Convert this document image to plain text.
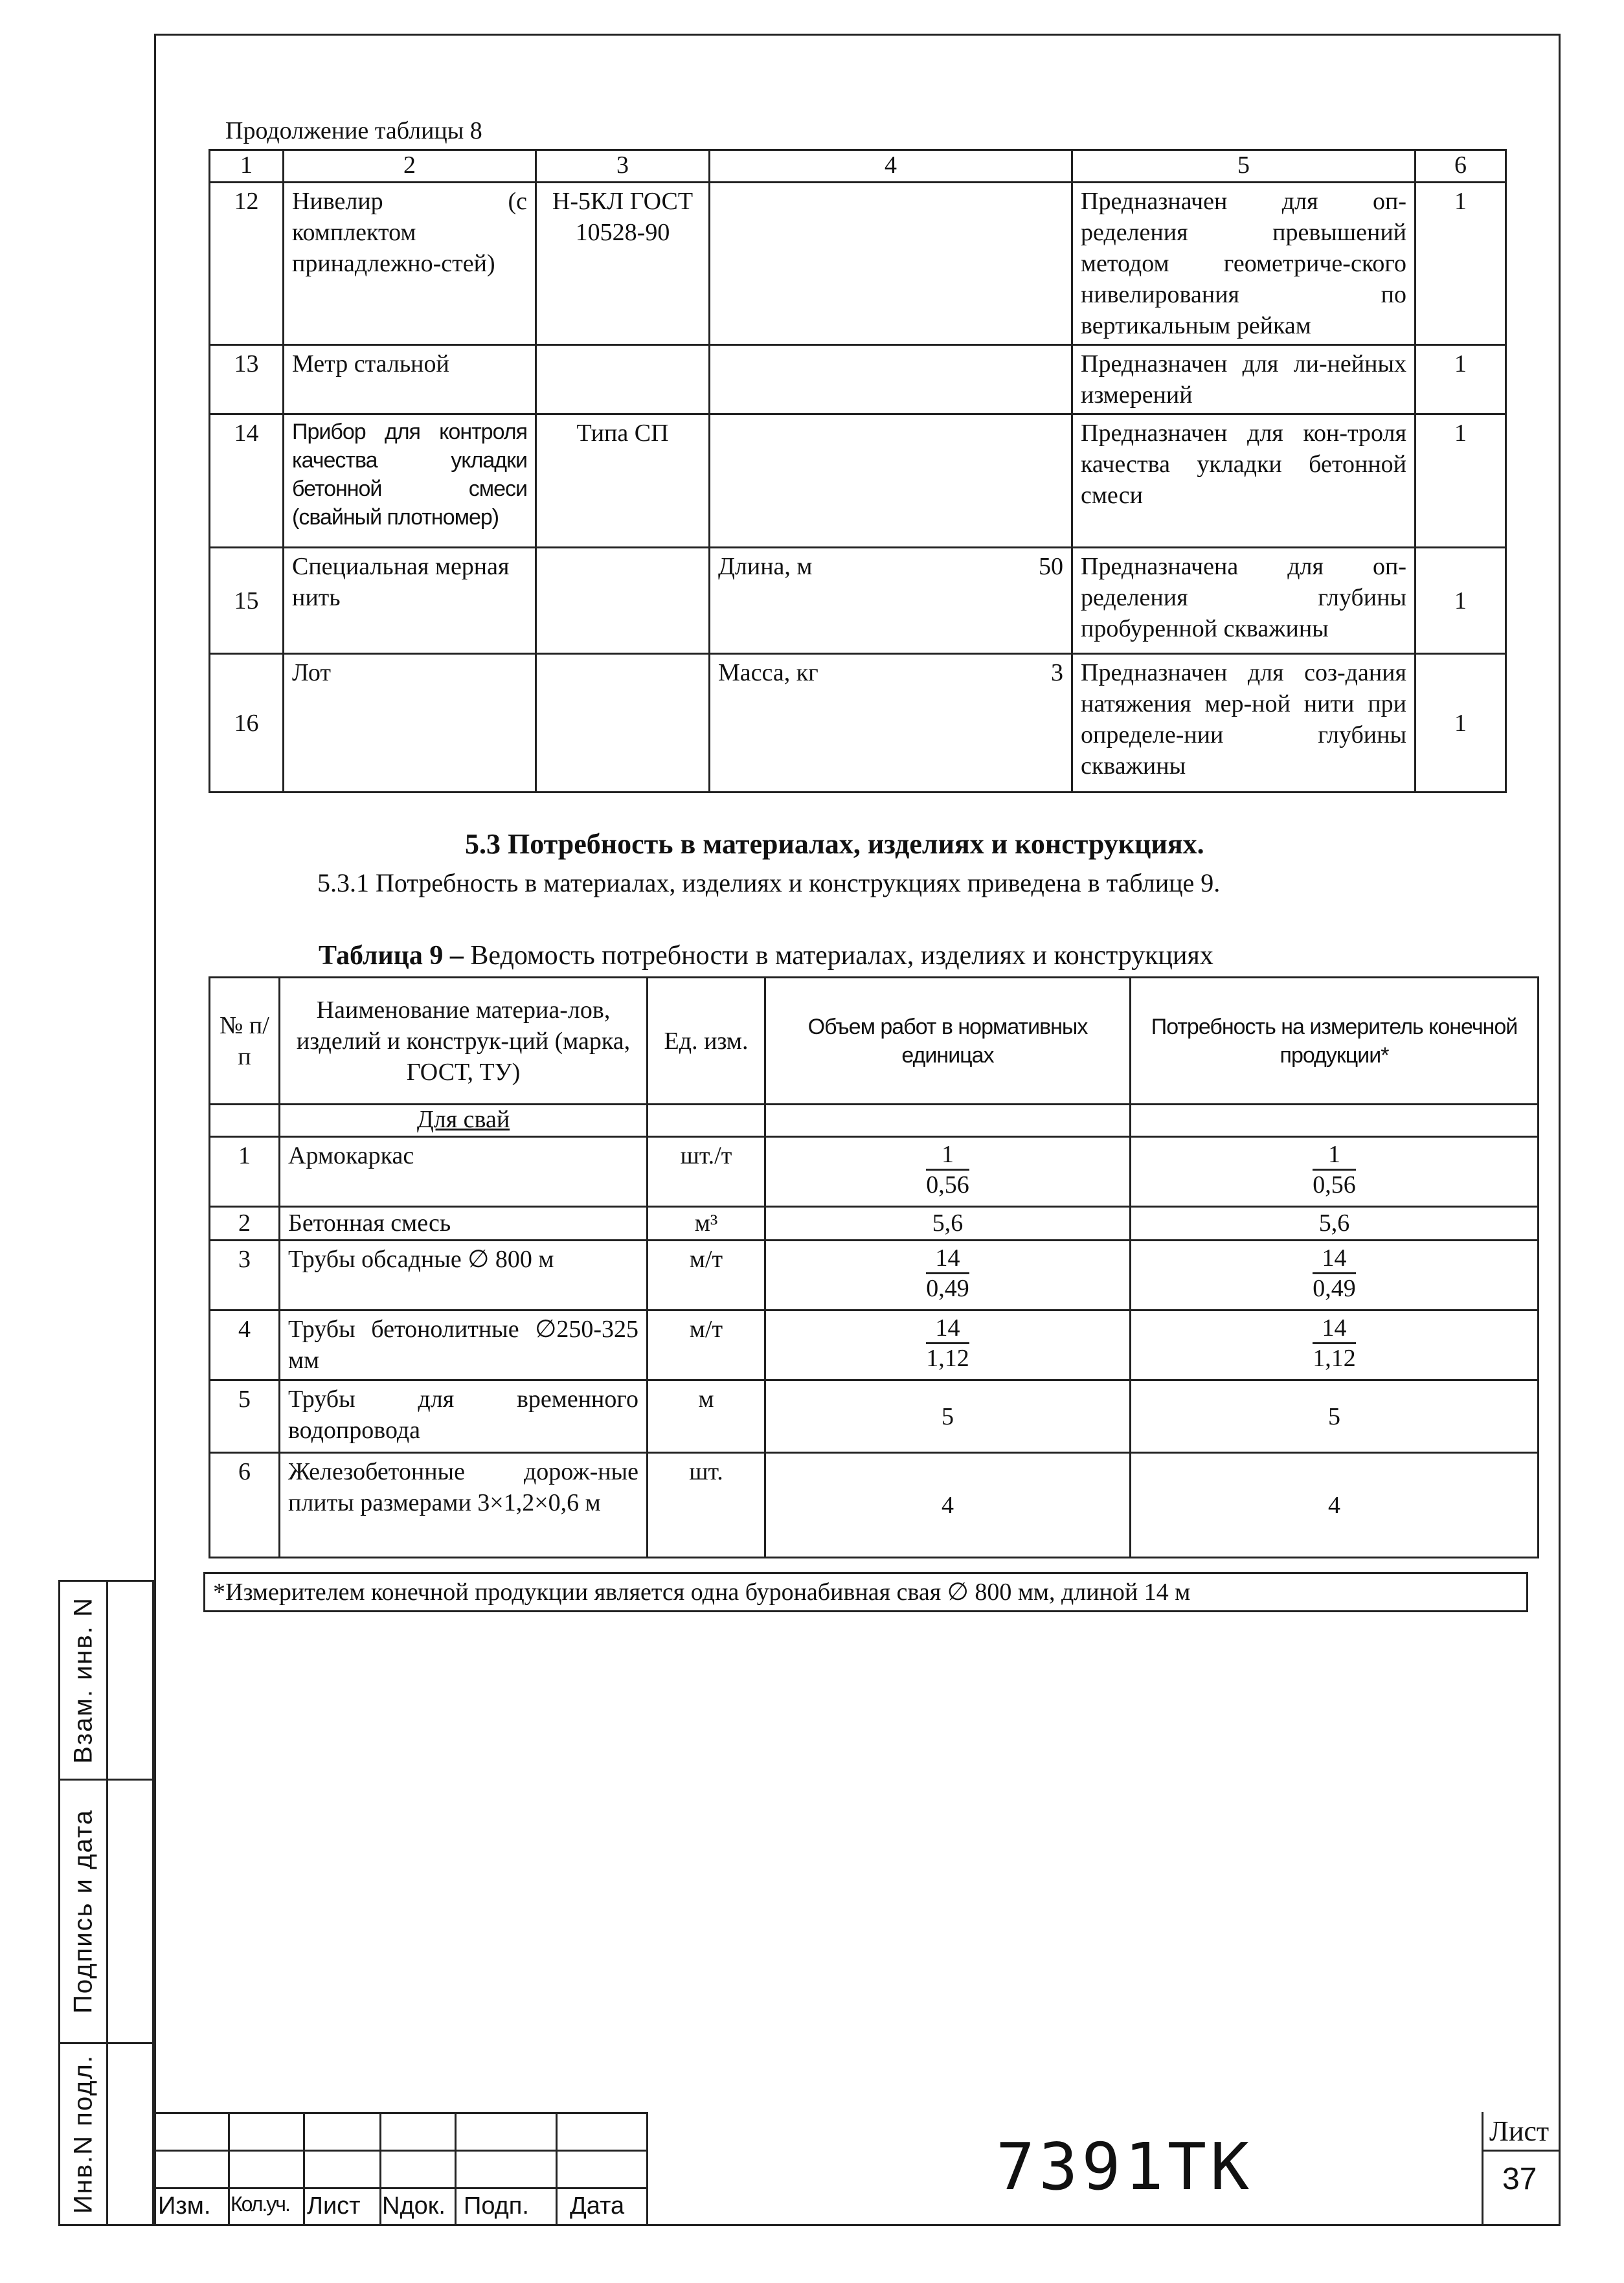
Взам. инв. N
Подпись и дата
Инв.N подл.
Продолжение таблицы 8
1	2	3	4	5	6
12	Нивелир (с комплектом принадлежно-стей)	Н-5КЛ ГОСТ 10528-90		Предназначен для оп-ределения превышений методом геометриче-ского нивелирования по вертикальным рейкам	1
13	Метр стальной			Предназначен для ли-нейных измерений	1
14	Прибор для контроля качества укладки бетонной смеси (свайный плотномер)	Типа СП		Предназначен для кон-троля качества укладки бетонной смеси	1
15	Специальная мерная нить		Длина, м 50	Предназначена для оп-ределения глубины пробуренной скважины	1
16	Лот		Масса, кг 3	Предназначен для соз-дания натяжения мер-ной нити при определе-нии глубины скважины	1
5.3 Потребность в материалах, изделиях и конструкциях.

5.3.1 Потребность в материалах, изделиях и конструкциях приведена в таблице 9.

Таблица 9 – Ведомость потребности в материалах, изделиях и конструкциях
№ п/п	Наименование материа-лов, изделий и конструк-ций (марка, ГОСТ, ТУ)	Ед. изм.	Объем работ в нормативных единицах	Потребность на измеритель конечной продукции*
	Для свай			
1	Армокаркас	шт./т	$\frac{1}{0,56}$	$\frac{1}{0,56}$

2	Бетонная смесь	м³	5,6	5,6
3	Трубы обсадные ∅ 800 м	м/т	$\frac{14}{0,49}$	$\frac{14}{0,49}$

4	Трубы бетонолитные ∅250-325 мм	м/т	$\frac{14}{1,12}$	$\frac{14}{1,12}$

5	Трубы для временного водопровода	м	5	5
6	Железобетонные дорож-ные плиты размерами 3×1,2×0,6 м	шт.	4	4
*Измерителем конечной продукции является одна буронабивная свая ∅ 800 мм, длиной 14 м
Изм. Кол.уч. Лист Nдок. Подп. Дата
7391ТК	Лист
37
